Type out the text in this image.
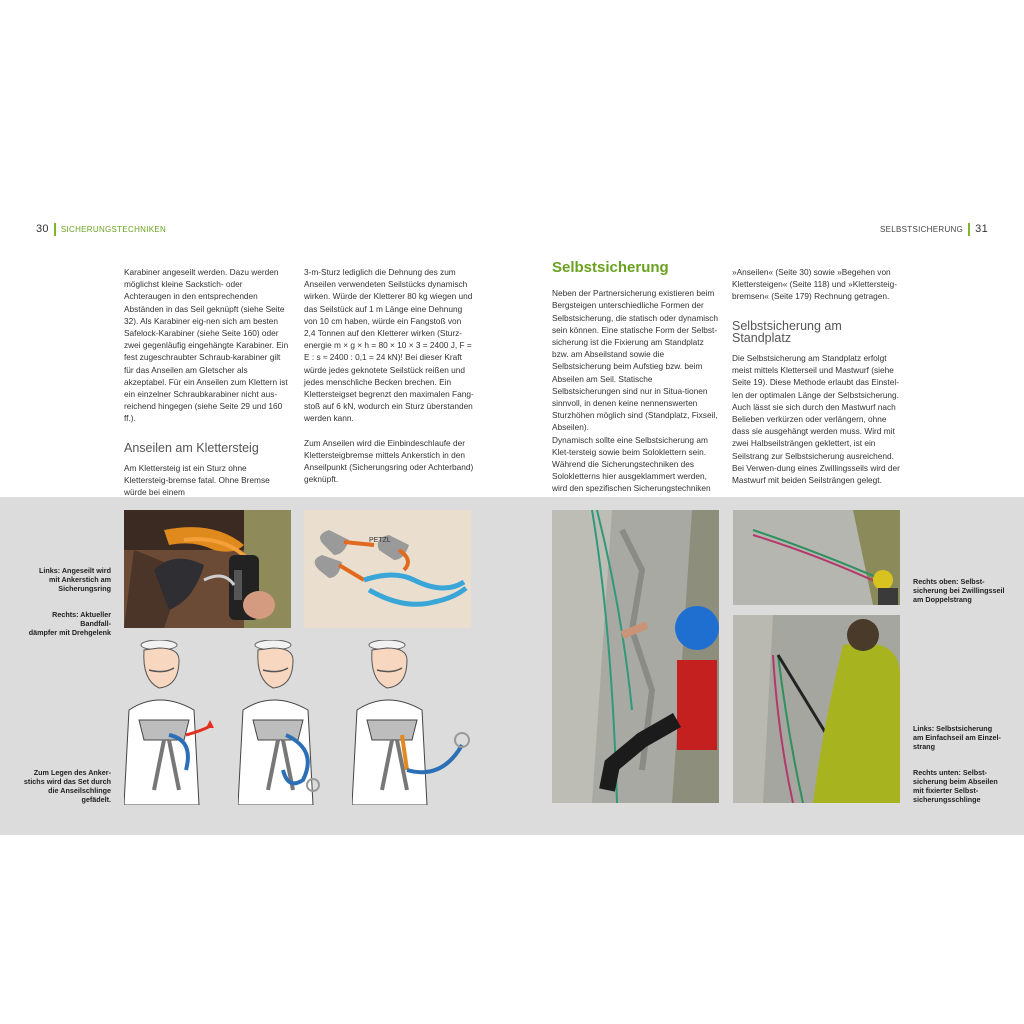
30 SICHERUNGSTECHNIKEN	SELBSTSICHERUNG 31

Karabiner angeseilt werden. Dazu werden möglichst kleine Sackstich- oder Achteraugen in den entsprechenden Abständen in das Seil geknüpft (siehe Seite 32). Als Karabiner eig-nen sich am besten Safelock-Karabiner (siehe Seite 160) oder zwei gegenläufig eingehängte Karabiner. Ein fest zugeschraubter Schraub-karabiner gilt für das Anseilen am Gletscher als akzeptabel. Für ein Anseilen zum Klettern ist ein einzelner Schraubkarabiner nicht aus-reichend hingegen (siehe Seite 29 und 160 ff.).

Anseilen am Klettersteig

Am Klettersteig ist ein Sturz ohne Klettersteig-bremse fatal. Ohne Bremse würde bei einem

3-m-Sturz lediglich die Dehnung des zum Anseilen verwendeten Seilstücks dynamisch wirken. Würde der Kletterer 80 kg wiegen und das Seilstück auf 1 m Länge eine Dehnung von 10 cm haben, würde ein Fangstoß von 2,4 Tonnen auf den Kletterer wirken (Sturz-energie m × g × h = 80 × 10 × 3 = 2400 J, F = E : s ≈ 2400 : 0,1 = 24 kN)! Bei dieser Kraft würde jedes geknotete Seilstück reißen und jedes menschliche Becken brechen. Ein Klettersteigset begrenzt den maximalen Fang-stoß auf 6 kN, wodurch ein Sturz überstanden werden kann.

Zum Anseilen wird die Einbindeschlaufe der Klettersteigbremse mittels Ankerstich in den Anseilpunkt (Sicherungsring oder Achterband) geknüpft.

Selbstsicherung

Neben der Partnersicherung existieren beim Bergsteigen unterschiedliche Formen der Selbstsicherung, die statisch oder dynamisch sein können. Eine statische Form der Selbst-sicherung ist die Fixierung am Standplatz bzw. am Abseilstand sowie die Selbstsicherung beim Aufstieg bzw. beim Abseilen am Seil. Statische Selbstsicherungen sind nur in Situa-tionen sinnvoll, in denen keine nennenswerten Sturzhöhen möglich sind (Standplatz, Fixseil, Abseilen).

Dynamisch sollte eine Selbstsicherung am Klet-tersteig sowie beim Soloklettern sein. Während die Sicherungstechniken des Solokletterns hier ausgeklammert werden, wird den spezifischen Sicherungstechniken

»Anseilen« (Seite 30) sowie »Begehen von Klettersteigen« (Seite 118) und »Klettersteig-bremsen« (Seite 179) Rechnung getragen.

Selbstsicherung am Standplatz

Die Selbstsicherung am Standplatz erfolgt meist mittels Kletterseil und Mastwurf (siehe Seite 19). Diese Methode erlaubt das Einstel-len der optimalen Länge der Selbstsicherung. Auch lässt sie sich durch den Mastwurf nach Belieben verkürzen oder verlängern, ohne dass sie ausgehängt werden muss. Wird mit zwei Halbseilsträngen geklettert, ist ein Seilstrang zur Selbstsicherung ausreichend. Bei Verwen-dung eines Zwillingsseils wird der Mastwurf mit beiden Seilsträngen gelegt.

PETZL
Links: Angeseilt wird
mit Ankerstich am
Sicherungsring
Rechts: Aktueller Bandfall-
dämpfer mit Drehgelenk
Zum Legen des Anker-
stichs wird das Set durch
die Anseilschlinge
gefädelt.
Rechts oben: Selbst-
sicherung bei Zwillingsseil
am Doppelstrang
Links: Selbstsicherung
am Einfachseil am Einzel-
strang
Rechts unten: Selbst-
sicherung beim Abseilen
mit fixierter Selbst-
sicherungsschlinge
